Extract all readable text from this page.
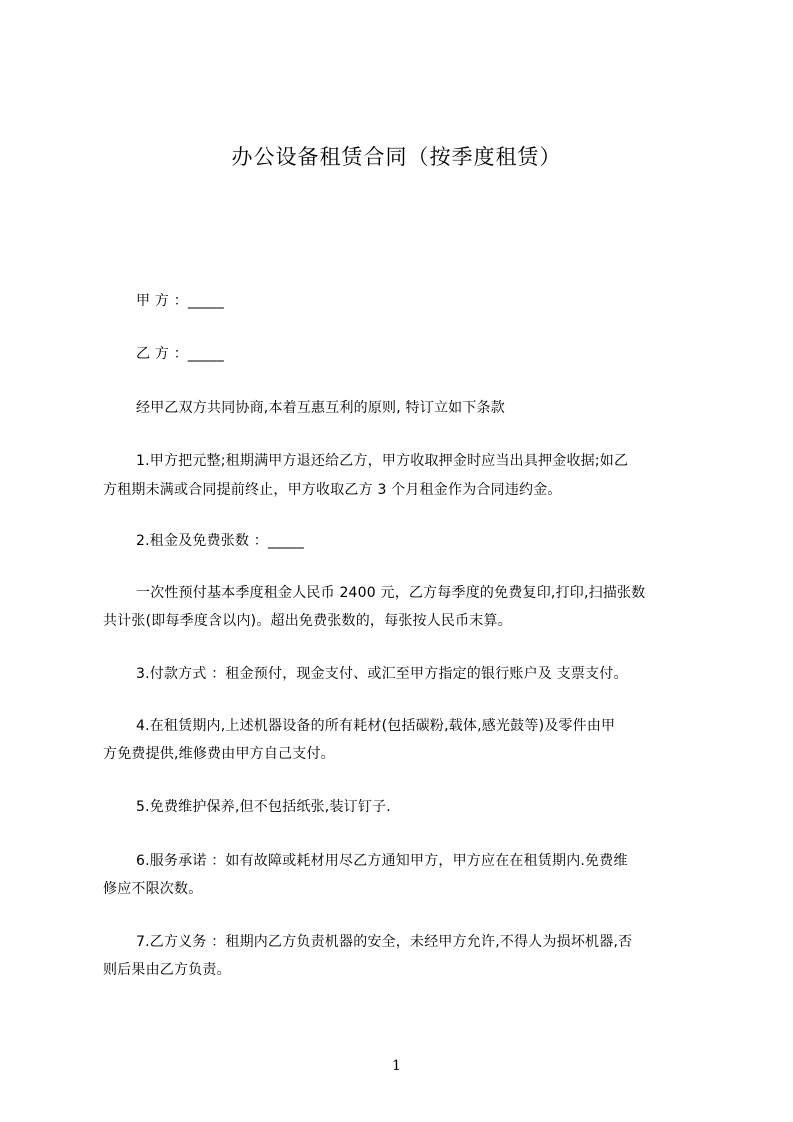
办公设备租赁合同（按季度租赁）
甲 方 ：_____
乙 方 ：_____
经甲乙双方共同协商,本着互惠互利的原则, 特订立如下条款
1.甲方把元整;租期满甲方退还给乙方，甲方收取押金时应当出具押金收据;如乙
方租期未满或合同提前终止，甲方收取乙方 3 个月租金作为合同违约金。
2.租金及免费张数 ：_____
一次性预付基本季度租金人民币 2400 元，乙方每季度的免费复印,打印,扫描张数
共计张(即每季度含以内)。超出免费张数的，每张按人民币末算。
3.付款方式 ：租金预付，现金支付、或汇至甲方指定的银行账户及 支票支付。
4.在租赁期内,上述机器设备的所有耗材(包括碳粉,载体,感光鼓等)及零件由甲
方免费提供,维修费由甲方自己支付。
5.免费维护保养,但不包括纸张,装订钉子.
6.服务承诺 ：如有故障或耗材用尽乙方通知甲方，甲方应在在租赁期内.免费维
修应不限次数。
7.乙方义务 ：租期内乙方负责机器的安全，未经甲方允许,不得人为损坏机器,否
则后果由乙方负责。
1
